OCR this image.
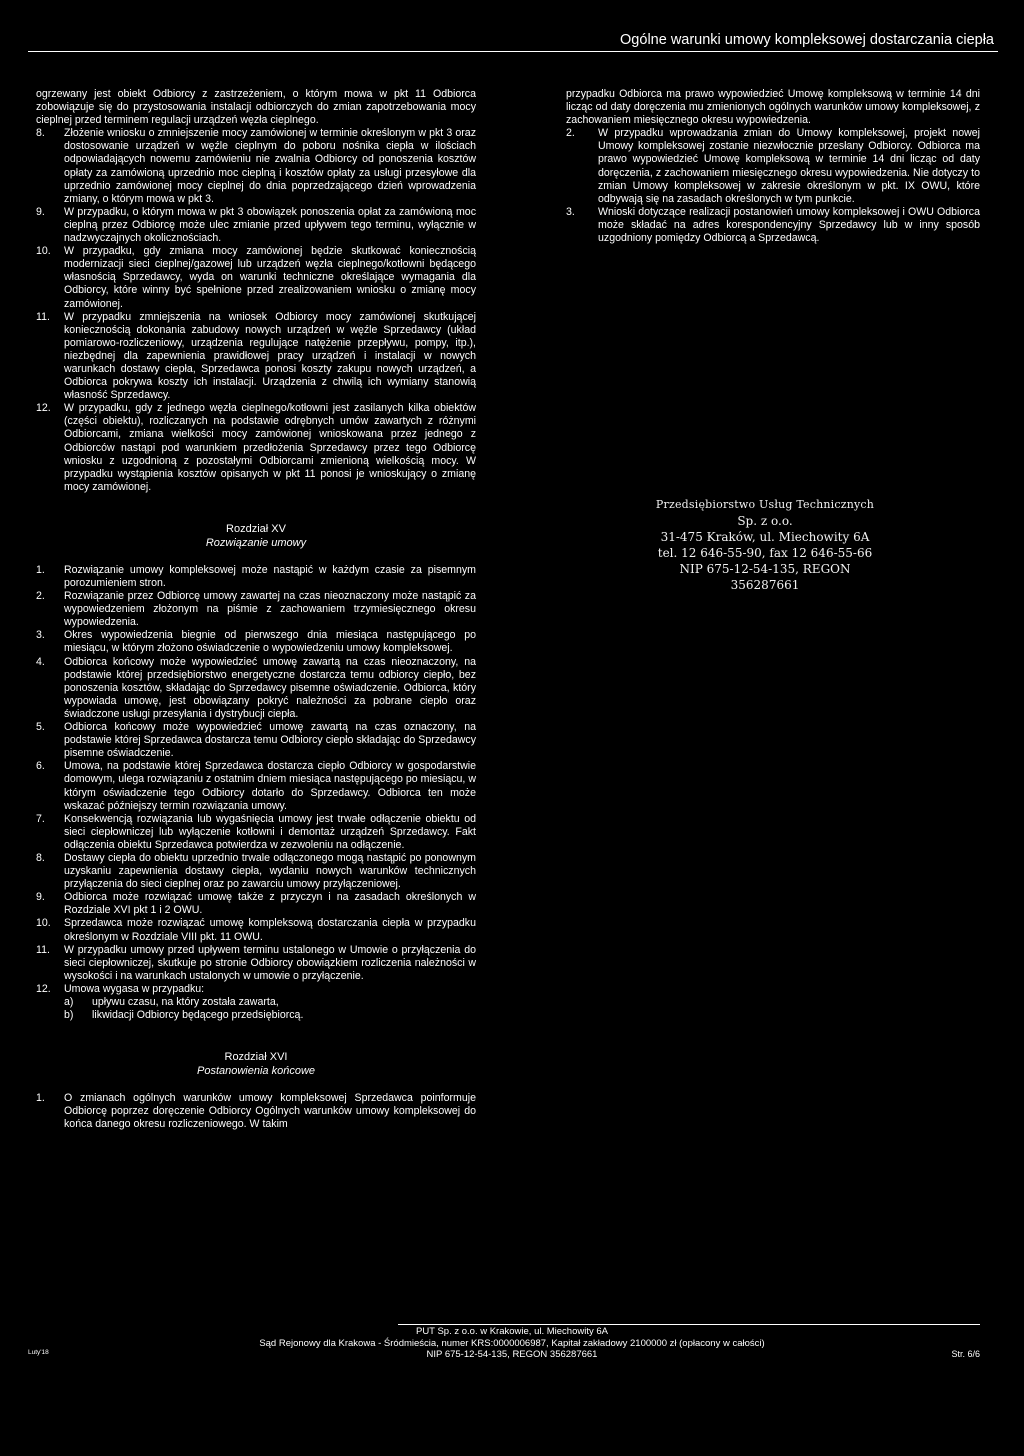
Ogólne warunki umowy kompleksowej dostarczania ciepła

ogrzewany jest obiekt Odbiorcy z zastrzeżeniem, o którym mowa w pkt 11 Odbiorca zobowiązuje się do przystosowania instalacji odbiorczych do zmian zapotrzebowania mocy cieplnej przed terminem regulacji urządzeń węzła cieplnego.

8.	Złożenie wniosku o zmniejszenie mocy zamówionej w terminie określonym w pkt 3 oraz dostosowanie urządzeń w węźle cieplnym do poboru nośnika ciepła w ilościach odpowiadających nowemu zamówieniu nie zwalnia Odbiorcy od ponoszenia kosztów opłaty za zamówioną uprzednio moc cieplną i kosztów opłaty za usługi przesyłowe dla uprzednio zamówionej mocy cieplnej do dnia poprzedzającego dzień wprowadzenia zmiany, o którym mowa w pkt 3.
9.	W przypadku, o którym mowa w pkt 3 obowiązek ponoszenia opłat za zamówioną moc cieplną przez Odbiorcę może ulec zmianie przed upływem tego terminu, wyłącznie w nadzwyczajnych okolicznościach.
10.	W przypadku, gdy zmiana mocy zamówionej będzie skutkować koniecznością modernizacji sieci cieplnej/gazowej lub urządzeń węzła cieplnego/kotłowni będącego własnością Sprzedawcy, wyda on warunki techniczne określające wymagania dla Odbiorcy, które winny być spełnione przed zrealizowaniem wniosku o zmianę mocy zamówionej.
11.	W przypadku zmniejszenia na wniosek Odbiorcy mocy zamówionej skutkującej koniecznością dokonania zabudowy nowych urządzeń w węźle Sprzedawcy (układ pomiarowo-rozliczeniowy, urządzenia regulujące natężenie przepływu, pompy, itp.), niezbędnej dla zapewnienia prawidłowej pracy urządzeń i instalacji w nowych warunkach dostawy ciepła, Sprzedawca ponosi koszty zakupu nowych urządzeń, a Odbiorca pokrywa koszty ich instalacji. Urządzenia z chwilą ich wymiany stanowią własność Sprzedawcy.
12.	W przypadku, gdy z jednego węzła cieplnego/kotłowni jest zasilanych kilka obiektów (części obiektu), rozliczanych na podstawie odrębnych umów zawartych z różnymi Odbiorcami, zmiana wielkości mocy zamówionej wnioskowana przez jednego z Odbiorców nastąpi pod warunkiem przedłożenia Sprzedawcy przez tego Odbiorcę wniosku z uzgodnioną z pozostałymi Odbiorcami zmienioną wielkością mocy. W przypadku wystąpienia kosztów opisanych w pkt 11 ponosi je wnioskujący o zmianę mocy zamówionej.
Rozdział XV
Rozwiązanie umowy
1.	Rozwiązanie umowy kompleksowej może nastąpić w każdym czasie za pisemnym porozumieniem stron.
2.	Rozwiązanie przez Odbiorcę umowy zawartej na czas nieoznaczony może nastąpić za wypowiedzeniem złożonym na piśmie z zachowaniem trzymiesięcznego okresu wypowiedzenia.
3.	Okres wypowiedzenia biegnie od pierwszego dnia miesiąca następującego po miesiącu, w którym złożono oświadczenie o wypowiedzeniu umowy kompleksowej.
4.	Odbiorca końcowy może wypowiedzieć umowę zawartą na czas nieoznaczony, na podstawie której przedsiębiorstwo energetyczne dostarcza temu odbiorcy ciepło, bez ponoszenia kosztów, składając do Sprzedawcy pisemne oświadczenie. Odbiorca, który wypowiada umowę, jest obowiązany pokryć należności za pobrane ciepło oraz świadczone usługi przesyłania i dystrybucji ciepła.
5.	Odbiorca końcowy może wypowiedzieć umowę zawartą na czas oznaczony, na podstawie której Sprzedawca dostarcza temu Odbiorcy ciepło składając do Sprzedawcy pisemne oświadczenie.
6.	Umowa, na podstawie której Sprzedawca dostarcza ciepło Odbiorcy w gospodarstwie domowym, ulega rozwiązaniu z ostatnim dniem miesiąca następującego po miesiącu, w którym oświadczenie tego Odbiorcy dotarło do Sprzedawcy. Odbiorca ten może wskazać późniejszy termin rozwiązania umowy.
7.	Konsekwencją rozwiązania lub wygaśnięcia umowy jest trwałe odłączenie obiektu od sieci ciepłowniczej lub wyłączenie kotłowni i demontaż urządzeń Sprzedawcy. Fakt odłączenia obiektu Sprzedawca potwierdza w zezwoleniu na odłączenie.
8.	Dostawy ciepła do obiektu uprzednio trwale odłączonego mogą nastąpić po ponownym uzyskaniu zapewnienia dostawy ciepła, wydaniu nowych warunków technicznych przyłączenia do sieci cieplnej oraz po zawarciu umowy przyłączeniowej.
9.	Odbiorca może rozwiązać umowę także z przyczyn i na zasadach określonych w Rozdziale XVI pkt 1 i 2 OWU.
10.	Sprzedawca może rozwiązać umowę kompleksową dostarczania ciepła w przypadku określonym w Rozdziale VIII pkt. 11 OWU.
11.	W przypadku umowy przed upływem terminu ustalonego w Umowie o przyłączenia do sieci ciepłowniczej, skutkuje po stronie Odbiorcy obowiązkiem rozliczenia należności w wysokości i na warunkach ustalonych w umowie o przyłączenie.
12.	Umowa wygasa w przypadku:
a)	upływu czasu, na który została zawarta,
b)	likwidacji Odbiorcy będącego przedsiębiorcą.
Rozdział XVI
Postanowienia końcowe
1.	O zmianach ogólnych warunków umowy kompleksowej Sprzedawca poinformuje Odbiorcę poprzez doręczenie Odbiorcy Ogólnych warunków umowy kompleksowej do końca danego okresu rozliczeniowego. W takim

przypadku Odbiorca ma prawo wypowiedzieć Umowę kompleksową w terminie 14 dni licząc od daty doręczenia mu zmienionych ogólnych warunków umowy kompleksowej, z zachowaniem miesięcznego okresu wypowiedzenia.

2.	W przypadku wprowadzania zmian do Umowy kompleksowej, projekt nowej Umowy kompleksowej zostanie niezwłocznie przesłany Odbiorcy. Odbiorca ma prawo wypowiedzieć Umowę kompleksową w terminie 14 dni licząc od daty doręczenia, z zachowaniem miesięcznego okresu wypowiedzenia. Nie dotyczy to zmian Umowy kompleksowej w zakresie określonym w pkt. IX OWU, które odbywają się na zasadach określonych w tym punkcie.
3.	Wnioski dotyczące realizacji postanowień umowy kompleksowej i OWU Odbiorca może składać na adres korespondencyjny Sprzedawcy lub w inny sposób uzgodniony pomiędzy Odbiorcą a Sprzedawcą.
Przedsiębiorstwo Usług Technicznych
Sp. z o.o.
31-475 Kraków, ul. Miechowity 6A
tel. 12 646-55-90, fax 12 646-55-66
NIP 675-12-54-135, REGON 356287661
PUT Sp. z o.o. w Krakowie, ul. Miechowity 6A
Sąd Rejonowy dla Krakowa - Śródmieścia, numer KRS:0000006987, Kapitał zakładowy 2100000 zł (opłacony w całości)
NIP 675-12-54-135, REGON 356287661
Luty'18	Str. 6/6
